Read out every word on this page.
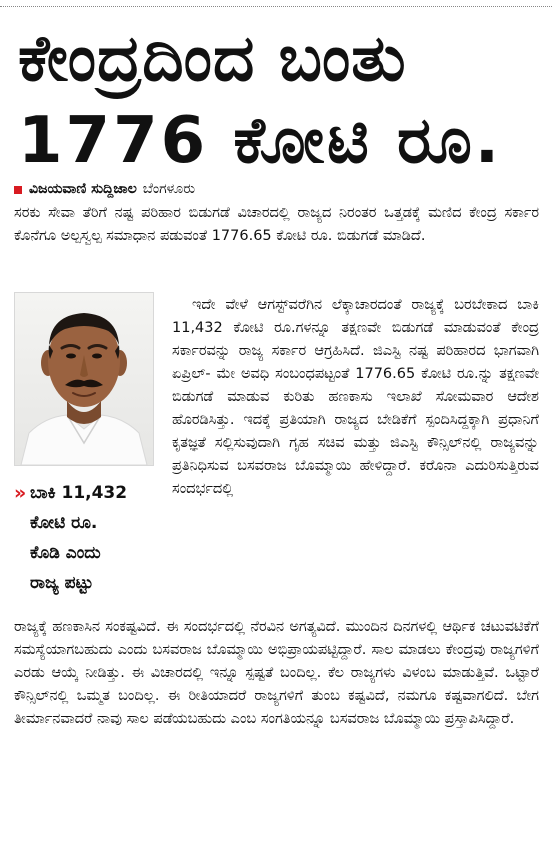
ಕೇಂದ್ರದಿಂದ ಬಂತು
1776 ಕೋಟಿ ರೂ.
ವಿಜಯವಾಣಿ ಸುದ್ದಿಜಾಲ ಬೆಂಗಳೂರು

ಸರಕು ಸೇವಾ ತೆರಿಗೆ ನಷ್ಟ ಪರಿಹಾರ ಬಿಡುಗಡೆ ವಿಚಾರದಲ್ಲಿ ರಾಜ್ಯದ ನಿರಂತರ ಒತ್ತಡಕ್ಕೆ ಮಣಿದ ಕೇಂದ್ರ ಸರ್ಕಾರ ಕೊನೆಗೂ ಅಲ್ಪಸ್ವಲ್ಪ ಸಮಾಧಾನ ಪಡುವಂತೆ 1776.65 ಕೋಟಿ ರೂ. ಬಿಡುಗಡೆ ಮಾಡಿದೆ.

ಇದೇ ವೇಳೆ ಆಗಸ್ಟ್‌ವರೆಗಿನ ಲೆಕ್ಕಾಚಾರದಂತೆ ರಾಜ್ಯಕ್ಕೆ ಬರಬೇಕಾದ ಬಾಕಿ 11,432 ಕೋಟಿ ರೂ.ಗಳನ್ನೂ ತಕ್ಷಣವೇ ಬಿಡುಗಡೆ ಮಾಡುವಂತೆ ಕೇಂದ್ರ ಸರ್ಕಾರವನ್ನು ರಾಜ್ಯ ಸರ್ಕಾರ ಆಗ್ರಹಿಸಿದೆ. ಜಿಎಸ್ಟಿ ನಷ್ಟ ಪರಿಹಾರದ ಭಾಗವಾಗಿ ಏಪ್ರಿಲ್- ಮೇ ಅವಧಿ ಸಂಬಂಧಪಟ್ಟಂತೆ 1776.65 ಕೋಟಿ ರೂ.ನ್ನು ತಕ್ಷಣವೇ ಬಿಡುಗಡೆ ಮಾಡುವ ಕುರಿತು ಹಣಕಾಸು ಇಲಾಖೆ ಸೋಮವಾರ ಆದೇಶ ಹೊರಡಿಸಿತ್ತು. ಇದಕ್ಕೆ ಪ್ರತಿಯಾಗಿ ರಾಜ್ಯದ ಬೇಡಿಕೆಗೆ ಸ್ಪಂದಿಸಿದ್ದಕ್ಕಾಗಿ ಪ್ರಧಾನಿಗೆ ಕೃತಜ್ಞತೆ ಸಲ್ಲಿಸುವುದಾಗಿ ಗೃಹ ಸಚಿವ ಮತ್ತು ಜಿಎಸ್ಟಿ ಕೌನ್ಸಿಲ್‌ನಲ್ಲಿ ರಾಜ್ಯವನ್ನು ಪ್ರತಿನಿಧಿಸುವ ಬಸವರಾಜ ಬೊಮ್ಮಾಯಿ ಹೇಳಿದ್ದಾರೆ. ಕರೊನಾ ಎದುರಿಸುತ್ತಿರುವ ಸಂದರ್ಭದಲ್ಲಿ

» ಬಾಕಿ 11,432
ಕೋಟಿ ರೂ.
ಕೊಡಿ ಎಂದು
ರಾಜ್ಯ ಪಟ್ಟು

ರಾಜ್ಯಕ್ಕೆ ಹಣಕಾಸಿನ ಸಂಕಷ್ಟವಿದೆ. ಈ ಸಂದರ್ಭದಲ್ಲಿ ನೆರವಿನ ಅಗತ್ಯವಿದೆ. ಮುಂದಿನ ದಿನಗಳಲ್ಲಿ ಆರ್ಥಿಕ ಚಟುವಟಿಕೆಗೆ ಸಮಸ್ಯೆಯಾಗಬಹುದು ಎಂದು ಬಸವರಾಜ ಬೊಮ್ಮಾಯಿ ಅಭಿಪ್ರಾಯಪಟ್ಟಿದ್ದಾರೆ. ಸಾಲ ಮಾಡಲು ಕೇಂದ್ರವು ರಾಜ್ಯಗಳಿಗೆ ಎರಡು ಆಯ್ಕೆ ನೀಡಿತ್ತು. ಈ ವಿಚಾರದಲ್ಲಿ ಇನ್ನೂ ಸ್ಪಷ್ಟತೆ ಬಂದಿಲ್ಲ. ಕೆಲ ರಾಜ್ಯಗಳು ವಿಳಂಬ ಮಾಡುತ್ತಿವೆ. ಒಟ್ಟಾರೆ ಕೌನ್ಸಿಲ್‌ನಲ್ಲಿ ಒಮ್ಮತ ಬಂದಿಲ್ಲ. ಈ ರೀತಿಯಾದರೆ ರಾಜ್ಯಗಳಿಗೆ ತುಂಬ ಕಷ್ಟವಿದೆ, ನಮಗೂ ಕಷ್ಟವಾಗಲಿದೆ. ಬೇಗ ತೀರ್ಮಾನವಾದರೆ ನಾವು ಸಾಲ ಪಡೆಯಬಹುದು ಎಂಬ ಸಂಗತಿಯನ್ನೂ ಬಸವರಾಜ ಬೊಮ್ಮಾಯಿ ಪ್ರಸ್ತಾಪಿಸಿದ್ದಾರೆ.
